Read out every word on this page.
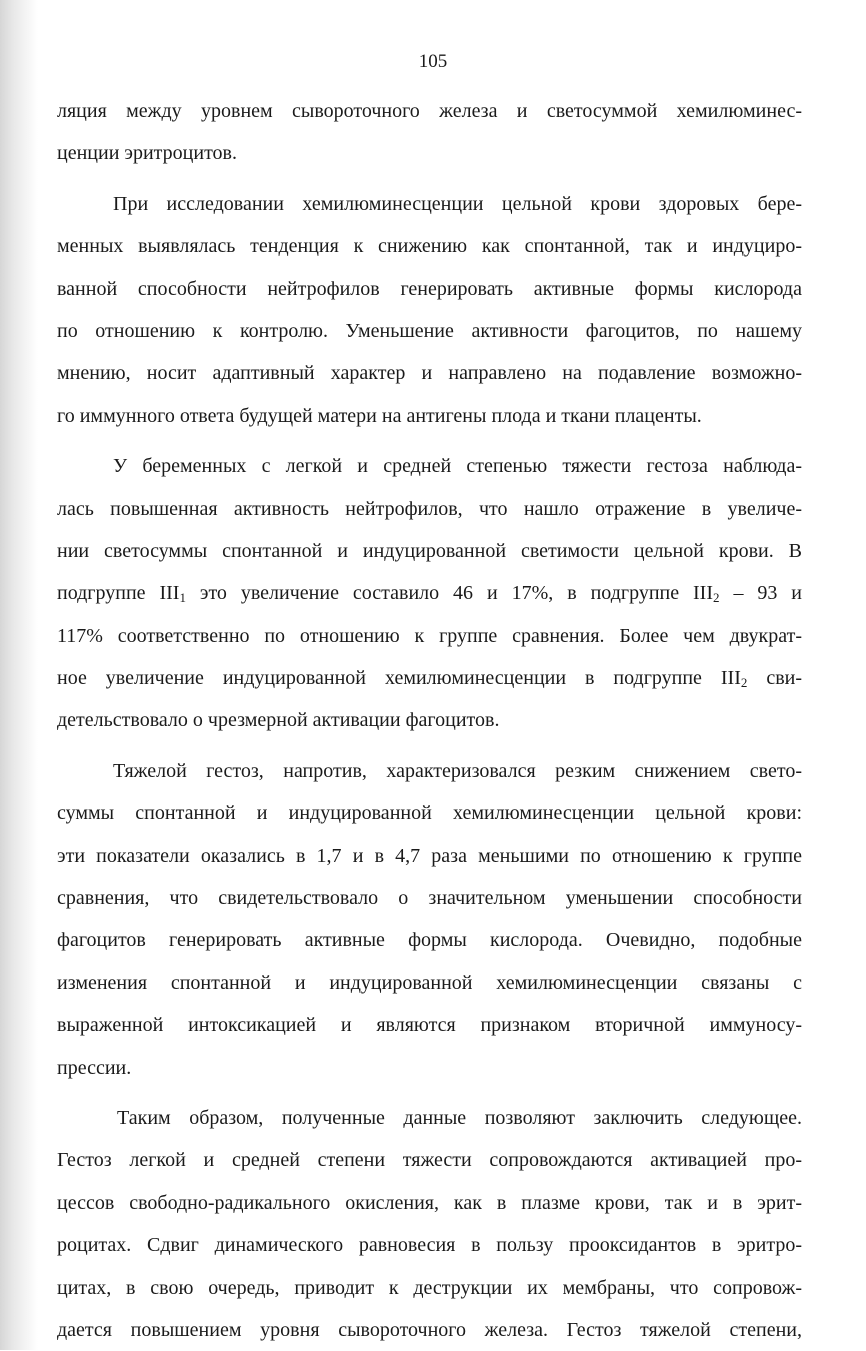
105
ляция между уровнем сывороточного железа и светосуммой хемилюминес-
ценции эритроцитов.
При исследовании хемилюминесценции цельной крови здоровых бере-
менных выявлялась тенденция к снижению как спонтанной, так и индуциро-
ванной способности нейтрофилов генерировать активные формы кислорода
по отношению к контролю. Уменьшение активности фагоцитов, по нашему
мнению, носит адаптивный характер и направлено на подавление возможно-
го иммунного ответа будущей матери на антигены плода и ткани плаценты.
У беременных с легкой и средней степенью тяжести гестоза наблюда-
лась повышенная активность нейтрофилов, что нашло отражение в увеличе-
нии светосуммы спонтанной и индуцированной светимости цельной крови. В
подгруппе $III_1$ это увеличение составило 46 и 17%, в подгруппе $III_2 - 93$ и
117% соответственно по отношению к группе сравнения. Более чем двукрат-
ное увеличение индуцированной хемилюминесценции в подгруппе $III_2$ сви-
детельствовало о чрезмерной активации фагоцитов.
Тяжелой гестоз, напротив, характеризовался резким снижением свето-
суммы спонтанной и индуцированной хемилюминесценции цельной крови:
эти показатели оказались в 1,7 и в 4,7 раза меньшими по отношению к группе
сравнения, что свидетельствовало о значительном уменьшении способности
фагоцитов генерировать активные формы кислорода. Очевидно, подобные
изменения спонтанной и индуцированной хемилюминесценции связаны с
выраженной интоксикацией и являются признаком вторичной иммуносу-
прессии.
Таким образом, полученные данные позволяют заключить следующее.
Гестоз легкой и средней степени тяжести сопровождаются активацией про-
цессов свободно-радикального окисления, как в плазме крови, так и в эрит-
роцитах. Сдвиг динамического равновесия в пользу прооксидантов в эритро-
цитах, в свою очередь, приводит к деструкции их мембраны, что сопровож-
дается повышением уровня сывороточного железа. Гестоз тяжелой степени,
